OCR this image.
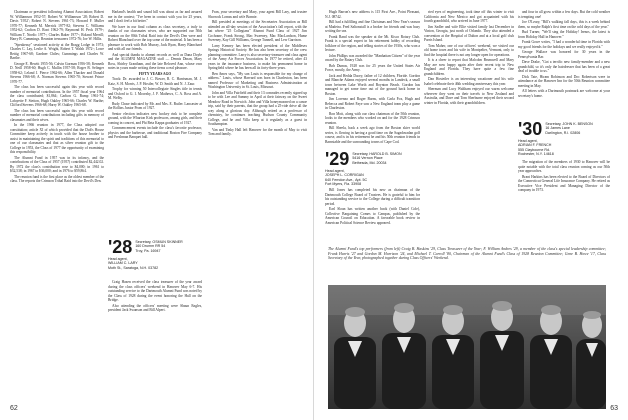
Chairman or president following Alumni Association; Robert W. Williamson 1952-57; Robert W. Williamson '28; Robert D. Davis '1952'; Robert N. Stevens 1961-73; Howard F. Muller 1970-77; Kenneth M. Merrick 1977-82; Stevens C. Williams 1952-62; Crafton D. Root 1962-79; Raymond H. Peck 1979-; William T. Nordic 1977-; Charles Baker 1977-; Roland Merrill; Harry B. Cummings. Reunion treasurers 1972-76; Joe W. Hillis.

"Speakeasy" sessioned activity at the Bragg Lodge in 1973; Charles C. Lay, Leslie A. Wright, Robert T. Walsh 1972-; Lowe Rettig 1967-68; Gardner Chiles; Cummings and Charles W. Barthe.

George E. Hewitt 1955-56; Calvin Gorman 1956-58; Kenneth D. Neill 1958-60; Hugh C. Mullin 1957-58; Roger B. Selinger 1958-62; Leland J. Pierce 1962-66; Allen Thacker and Donald Stevens 1966-68; A. Norman Stevens 1965-70; Stewart Prince 1970-77.

The class has been successful again this year with record number of memorial contributions. In the 1957 fiscal year 1964 the class contributed; $1,864; Carlton G. Bump 1961-74; Lafayette F. Stetton, Hugh Oakley 1965-66; Charles W. Barthe; Clifford Stevens 1966-68; Harry W. Oakley 1965-68.

The class has been successful again this year with record number of memorial contributions including gifts in memory of classmates and their wives.

In the 1966 reunion in 1977, the Class adopted our constitution; article XI of which provided that the Dub's House Committee keep actively in touch with the house brother to assist in maintaining the spirit and traditions of this memorial to one of our classmates and that as silver reunion gift to the College in 1953, the Class of 1977 the opportunity of examining this responsibility.

The Alumni Fund in 1957 was in its infancy, and the contributions of the Class of 1957 (1957) contributed $2,442.02. By 1972 the class's contribution rose to $4,000; in 1961 to $32,538; in 1967 to $36,000; and in 1976 to $59,864.

The reunion fund is the first place as the oldest member of the class. The reports the Crimson Tribal Raid into the Devil's Den.

Harland's health and sound hill was about as far and assured me in the contest; "I've been in contact with you for 25 years, and I don't feel a bit better."

We have in our final column as class secretary, a truly to thanks of our classmates wives, who are supported our 50th reunion on the 80th Tribal Raid into the Devil's Den were and Robert Blanchard over the top some of the material. It has been a pleasure to work with Bob Murray, Jack Ryan, Harry Blanchard and with all our friends.

And special thanks to alumni records as well as Dana Doyle and the ALUMNI MAGAZINE staff — Dennis Dinan, Mary Ross, Shirley Grantham, and the late Beloved Ann, whose own notes in yours made writing these items a real pleasure.

FIFTY YEARS AGO

Track: Dr. awarded to J. C. Bower, R. C. Harrisman, M. J. Katz, S. H. Morris, J. P. Hostler, W. D. Smith and N. J. Zaur.

Trophy for winning 50 Intercollegiate Singles title in tennis and Oxford to G. I. Moorsby, J. F. Mathews, C. A. Ross and A. M. Welby.

Rudy Chase indicated by Mr. and Mrs. E. Butler. Lancaster at the Rollins Junior Prom of 1927.

Senior election indicates new hockey rink to be complete ground, with the Wharton Kirk professors, among girls, and their coming in concert, and Phi Beta Kappa graduates of 1927.

Commencement events include the class's favorite professor, physics and the barbecue, and traditional Boston Fire Company and Freshman Banquet hall.

'28 Secretary, OSMUN SKINNER
160 Drumm RR 54
Troy, Pa. 16947
Head agent,
WILLIAM C. LARY
Moth St., Saratoga, N.H. 03782

Craig Hazen received the class treasurer of the year award during the class officers' weekend in Hanover May 6-7. His outstanding service to the Dartmouth Alumni Fund was noted by the Class of 1928 during the event honoring the Hall on the Bridge.

Also attending the officers' meeting were Shaun Engles, president Jack Swanson and Bill Alpert.

Fran, your secretary and Mary, your agent Bill Lary, and trustee Shorrock Lomas and wife Bonnie.

Bill presided at meetings of the Secretaries Association as Bill attended an all-day session of the Association's fall report, with the hat where "25 Collegians" Alumni Fund Class of 1927 Jim Cochrane, Frank Strong, Mac Sweeney, Mac MacLardson, Hume Sweeney, Kay Gill Williams, George Tunnell, and Lew Garrison.

Larry Kenney has been elected president of the Middlesex Springs Historical Society. He has also been secretary of the crew planning committee. Larry is also secretary-treasurer and class agent of the Army Air Forces Association. In 1977 he retired, after 43 years in the insurance business, to make his permanent home in Springfield where he has been all its forty-three years.

Ben Ames says, "My son Louis is responsible for my change of address." Louis, whose Harvard was born in Charleston, has been named Professor of Marketing and Business Administration at Washington University in St. Louis, Missouri.

John and Villa Fairfield and their 13 comrades recently signed up to be with Lee and Sammy in April at their fairway on the Sweet Meadow Road in Norwich. John and Villa honeymooned on a canoe trip, said by their parents, that the group had a 25-ride drive all the way along a glorious day. Although retired as a professor of chemistry, he continues teaching Hudson County Community College, and he and Villa keep at it regularly as a guest in Southampton.

Van and Tinky Hall left Hanover for the month of May to visit Tom and family.

62

Hugh Barron's new address is 115 First Ave., Point Pleasant, N.J. 08742.

Bill had a fulfilling and fine Christmas and New Year's season at Madeira. Fred Saltonstall is a broker for friends and was busy writing the sea.

Frank Rand was the speaker at the Mt. Kisco Rotary Club. Frank is a special expert in his retirement hobby of recording folklore of the region, and telling stories of the 1930s, who won a lecture.

John Phillips was awarded the "Manhattan Citizen" of the year award by the Rotary Club.

Bob Dumas, 1928 was for 25 years the United States Air Force, mostly, the Army.

Jack and Hedda Dacey, father of 12 children, Floride. Gordon and Blanche Adams enjoyed several months in Landeck, a small town between Lake Worth and Boynton Beach. Gordon has managed to get some time out of the ground back home in Boston.

Jim Lorenzo and Roger Burns, with Carla Fox, Hugh and Rebecca and Robert Faye saw a New England team play a game in Charleston.

Ron Mott, along with our class chairman of the 50th reunion, looks to the members who worked on and for the 1928 Crimson reunion.

Bill Sheela, back a week ago from the Boston skier world series, is flowing in having a good time on the Sagadavadan golf course, and is in his retirement he and his 50th reunion friends in Barnstable and the surrounding towns of Cape Cod.

'29 Secretary, HAROLD B. SIMON
5416 Vernon Place
Bethesda, Md. 20034
Head agent,
JOSEPH L. CORRIGAN
640 Ferndon Ave., Apt. 5C
Fort Myers, Fla. 33908

Bill Jones has completed his new as chairman of the Dartmouth College Board of Trustees. He is grateful to him for his outstanding service to the College during a difficult transition period.

Earl Sloan has written another book (with Daniel Cole), Collective Bargaining Comes to Campus, published by the American Council on Education. A favorable book review in American Political Science Review appeared.

ried eyes of engineering, took time off this winter to visit California and New Mexico and got acquainted with his fourth grandchild, who arrived in June 1977.

Jim Sadler and wife Ellie visited family last December in Vinton, Georgia, just north of Orlando. They also attended a convention at the Hospital of Dalton and at a local golf club Parris Island.

Tom Maher, one of our officers' weekend, we visited our old home town and his wife in Montpelier, Vermont, only to find the hospital there is not any longer open for operations.

It is a cheer to report that Malcolm Brumwell and Mary May are now happy again after their recent trip to New England and Florida. They have quite a few fine grandchildren.

Dan Hostetler is an interesting vacationer and his wife Isabel celebrate their 46th wedding anniversary this year.

Sherman and Lucy Waltham enjoyed our warm welcome wherever they went on their travels to New Zealand and Australia, and Dave and Tom Sherburne enjoyed their second winter in Florida, with their grandchildren.

and four in all grow within a few days. But the cold weather is tempting one!

Joe O'Leary, "Bill's walking fall days, this is a week behind them, so maybe Ralph's first time on the cold days of the year."

Bud Turner, "We'll sing the Holiday! Irenos, the latest is from Holiday Hall in Hanover."

Frank Gowe writes, "I had a wonderful time in Florida with my good friends for the holidays and we really enjoyed it."

George Wallace was honored for 30 years in the Pennsylvania Bar.

Dave Drake, "Got a terrific new family-member and a new grandchild, so it's only the hairdresser that has been of a great deal of trouble to us."

Dick Tate, Hiram Robinson and Doc Robertson were in attendance at the Hanover Inn for the 50th Reunion committee meeting in May.

All letters with a Dartmouth postmark are welcome at your secretary's home.

'30 Secretary, JOHN K. BENSON
16 James Lane
Darlington, R.I. 02806
Head agent,
ADRIAN F. FRENCH
555 Claybourne Rd.
Rochester, N.Y. 14618

The migration of the members of 1930 to Hanover will be quite notable with the total class reunion coming as our 50th year approaches.

Brant Harkins has been elected to the Board of Directors of the Connecticut General Life Insurance Company. He retired as Executive Vice President and Managing Director of the company in 1973.

The Alumni Fund's top performers (from left) Craig B. Haskins '29, Class Treasurer of the Year; F. William Andres '29, a member of the class's special leadership committee; Frank Harris '27 and Gordon M. Harrison '24, and Michael T. Carroll '80, Chairman of the Alumni Fund's Class of 1928 Reunion Committee; Gene B. Howe '17, Class Secretary of the Year, photographed together during Class Officers' Weekend.
63
